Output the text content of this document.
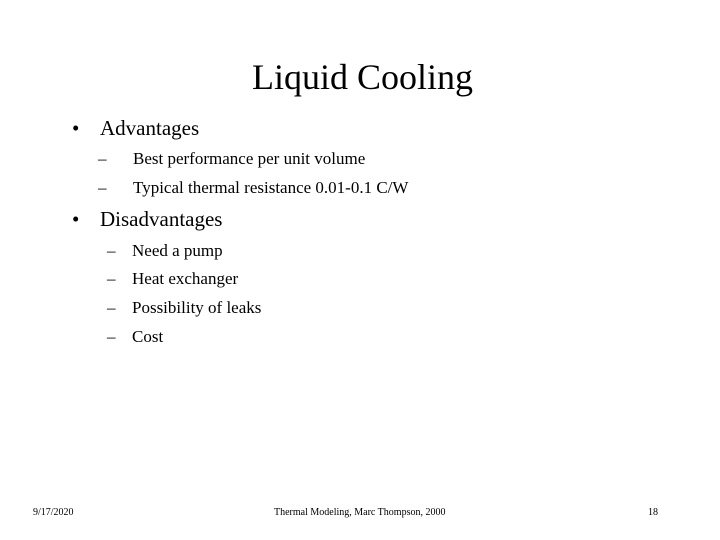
Liquid Cooling
• Advantages
– Best performance per unit volume
– Typical thermal resistance 0.01-0.1 C/W
• Disadvantages
– Need a pump
– Heat exchanger
– Possibility of leaks
– Cost
9/17/2020	Thermal Modeling, Marc Thompson, 2000	18
